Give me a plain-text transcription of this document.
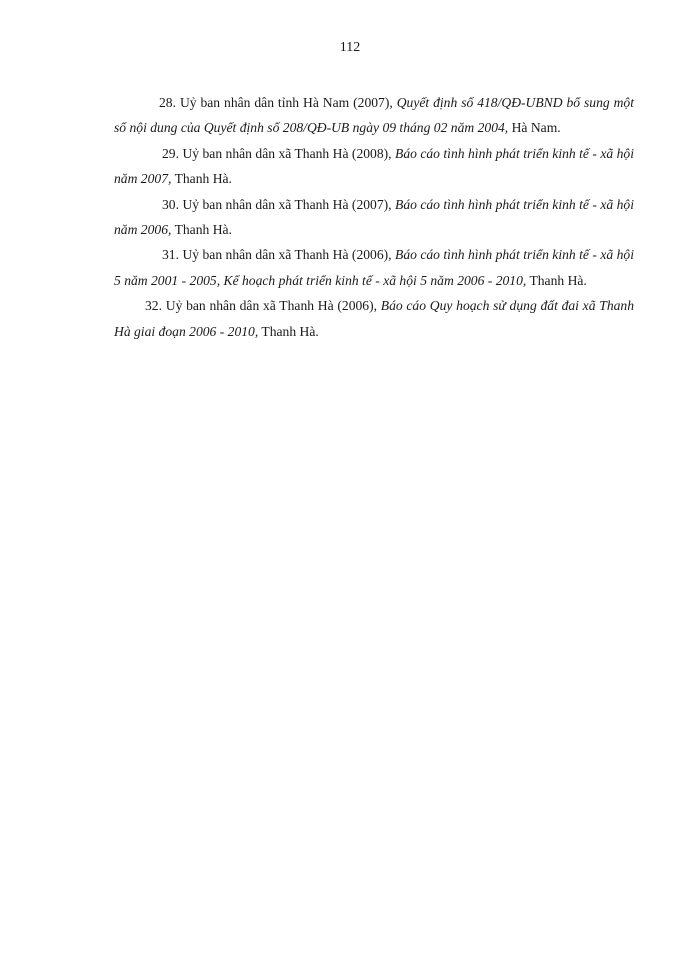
112

28. Uỷ ban nhân dân tỉnh Hà Nam (2007), Quyết định số 418/QĐ-UBND bổ sung một số nội dung của Quyết định số 208/QĐ-UB ngày 09 tháng 02 năm 2004, Hà Nam.

29. Uỷ ban nhân dân xã Thanh Hà (2008), Báo cáo tình hình phát triển kinh tế - xã hội năm 2007, Thanh Hà.

30. Uỷ ban nhân dân xã Thanh Hà (2007), Báo cáo tình hình phát triển kinh tế - xã hội năm 2006, Thanh Hà.

31. Uỷ ban nhân dân xã Thanh Hà (2006), Báo cáo tình hình phát triển kinh tế - xã hội 5 năm 2001 - 2005, Kế hoạch phát triển kinh tế - xã hội 5 năm 2006 - 2010, Thanh Hà.

32. Uỷ ban nhân dân xã Thanh Hà (2006), Báo cáo Quy hoạch sử dụng đất đai xã Thanh Hà giai đoạn 2006 - 2010, Thanh Hà.
